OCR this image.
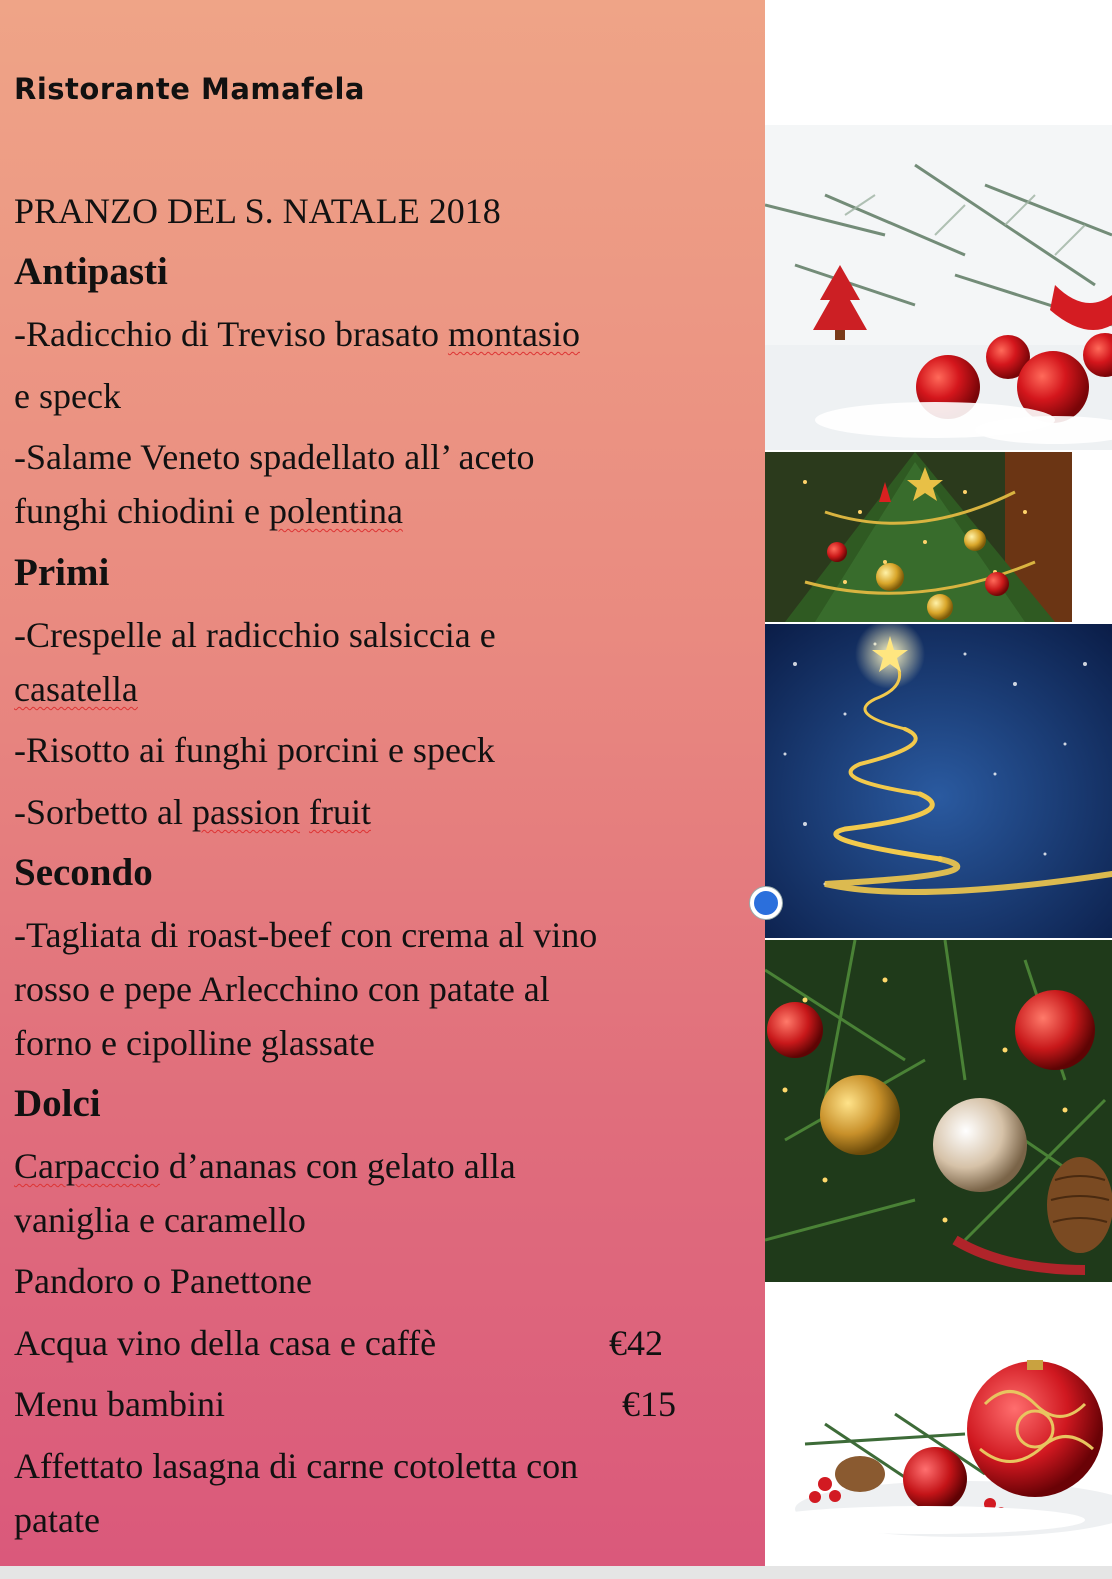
Ristorante Mamafela
PRANZO DEL S. NATALE 2018
Antipasti
-Radicchio di Treviso brasato montasio
e speck
-Salame Veneto spadellato all’ aceto
funghi chiodini e polentina
Primi
-Crespelle al radicchio salsiccia e
casatella
-Risotto ai funghi porcini e speck
-Sorbetto al passion fruit
Secondo
-Tagliata di roast-beef con crema al vino
rosso e pepe Arlecchino con patate al
forno e cipolline glassate
Dolci
Carpaccio d’ananas con gelato alla
vaniglia e caramello
Pandoro o Panettone
Acqua vino della casa e caffè	€42
Menu bambini	€15
Affettato lasagna di carne cotoletta con
patate
